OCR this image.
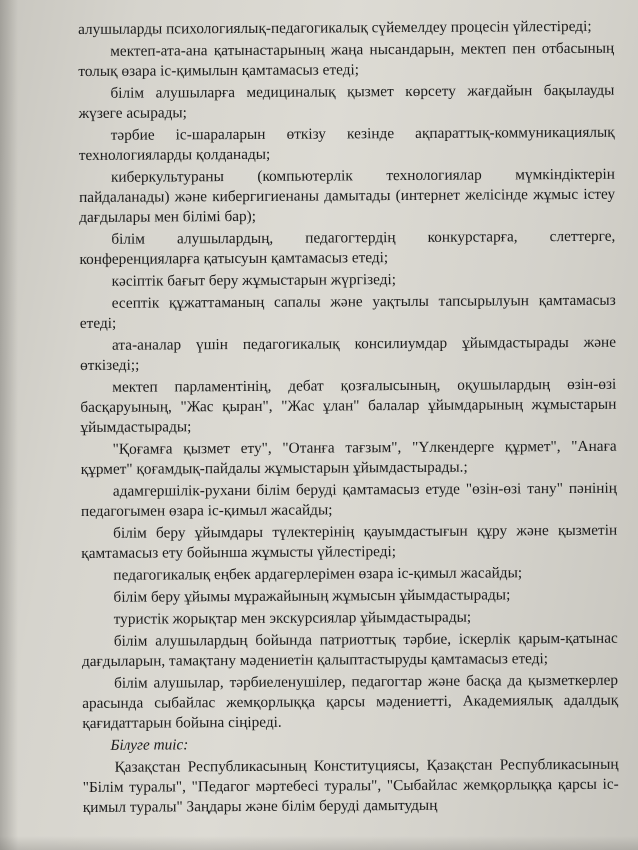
алушыларды психологиялық-педагогикалық сүйемелдеу процесін үйлестіреді;

мектеп-ата-ана қатынастарының жаңа нысандарын, мектеп пен отбасының толық өзара іс-қимылын қамтамасыз етеді;

білім алушыларға медициналық қызмет көрсету жағдайын бақылауды жүзеге асырады;

тәрбие іс-шараларын өткізу кезінде ақпараттық-коммуникациялық технологияларды қолданады;

киберкультураны (компьютерлік технологиялар мүмкіндіктерін пайдаланады) және кибергигиенаны дамытады (интернет желісінде жұмыс істеу дағдылары мен білімі бар);

білім алушылардың, педагогтердің конкурстарға, слеттерге, конференцияларға қатысуын қамтамасыз етеді;

кәсіптік бағыт беру жұмыстарын жүргізеді;

есептік құжаттаманың сапалы және уақтылы тапсырылуын қамтамасыз етеді;

ата-аналар үшін педагогикалық консилиумдар ұйымдастырады және өткізеді;;

мектеп парламентінің, дебат қозғалысының, оқушылардың өзін-өзі басқаруының, "Жас қыран", "Жас ұлан" балалар ұйымдарының жұмыстарын ұйымдастырады;

"Қоғамға қызмет ету", "Отанға тағзым", "Үлкендерге құрмет", "Анаға құрмет" қоғамдық-пайдалы жұмыстарын ұйымдастырады.;

адамгершілік-рухани білім беруді қамтамасыз етуде "өзін-өзі тану" пәнінің педагогымен өзара іс-қимыл жасайды;

білім беру ұйымдары түлектерінің қауымдастығын құру және қызметін қамтамасыз ету бойынша жұмысты үйлестіреді;

педагогикалық еңбек ардагерлерімен өзара іс-қимыл жасайды;

білім беру ұйымы мұражайының жұмысын ұйымдастырады;

туристік жорықтар мен экскурсиялар ұйымдастырады;

білім алушылардың бойында патриоттық тәрбие, іскерлік қарым-қатынас дағдыларын, тамақтану мәдениетін қалыптастыруды қамтамасыз етеді;

білім алушылар, тәрбиеленушілер, педагогтар және басқа да қызметкерлер арасында сыбайлас жемқорлыққа қарсы мәдениетті, Академиялық адалдық қағидаттарын бойына сіңіреді.

Білуге тиіс:

Қазақстан Республикасының Конституциясы, Қазақстан Республикасының "Білім туралы", "Педагог мәртебесі туралы", "Сыбайлас жемқорлыққа қарсы іс-қимыл туралы" Заңдары және білім беруді дамытудың
